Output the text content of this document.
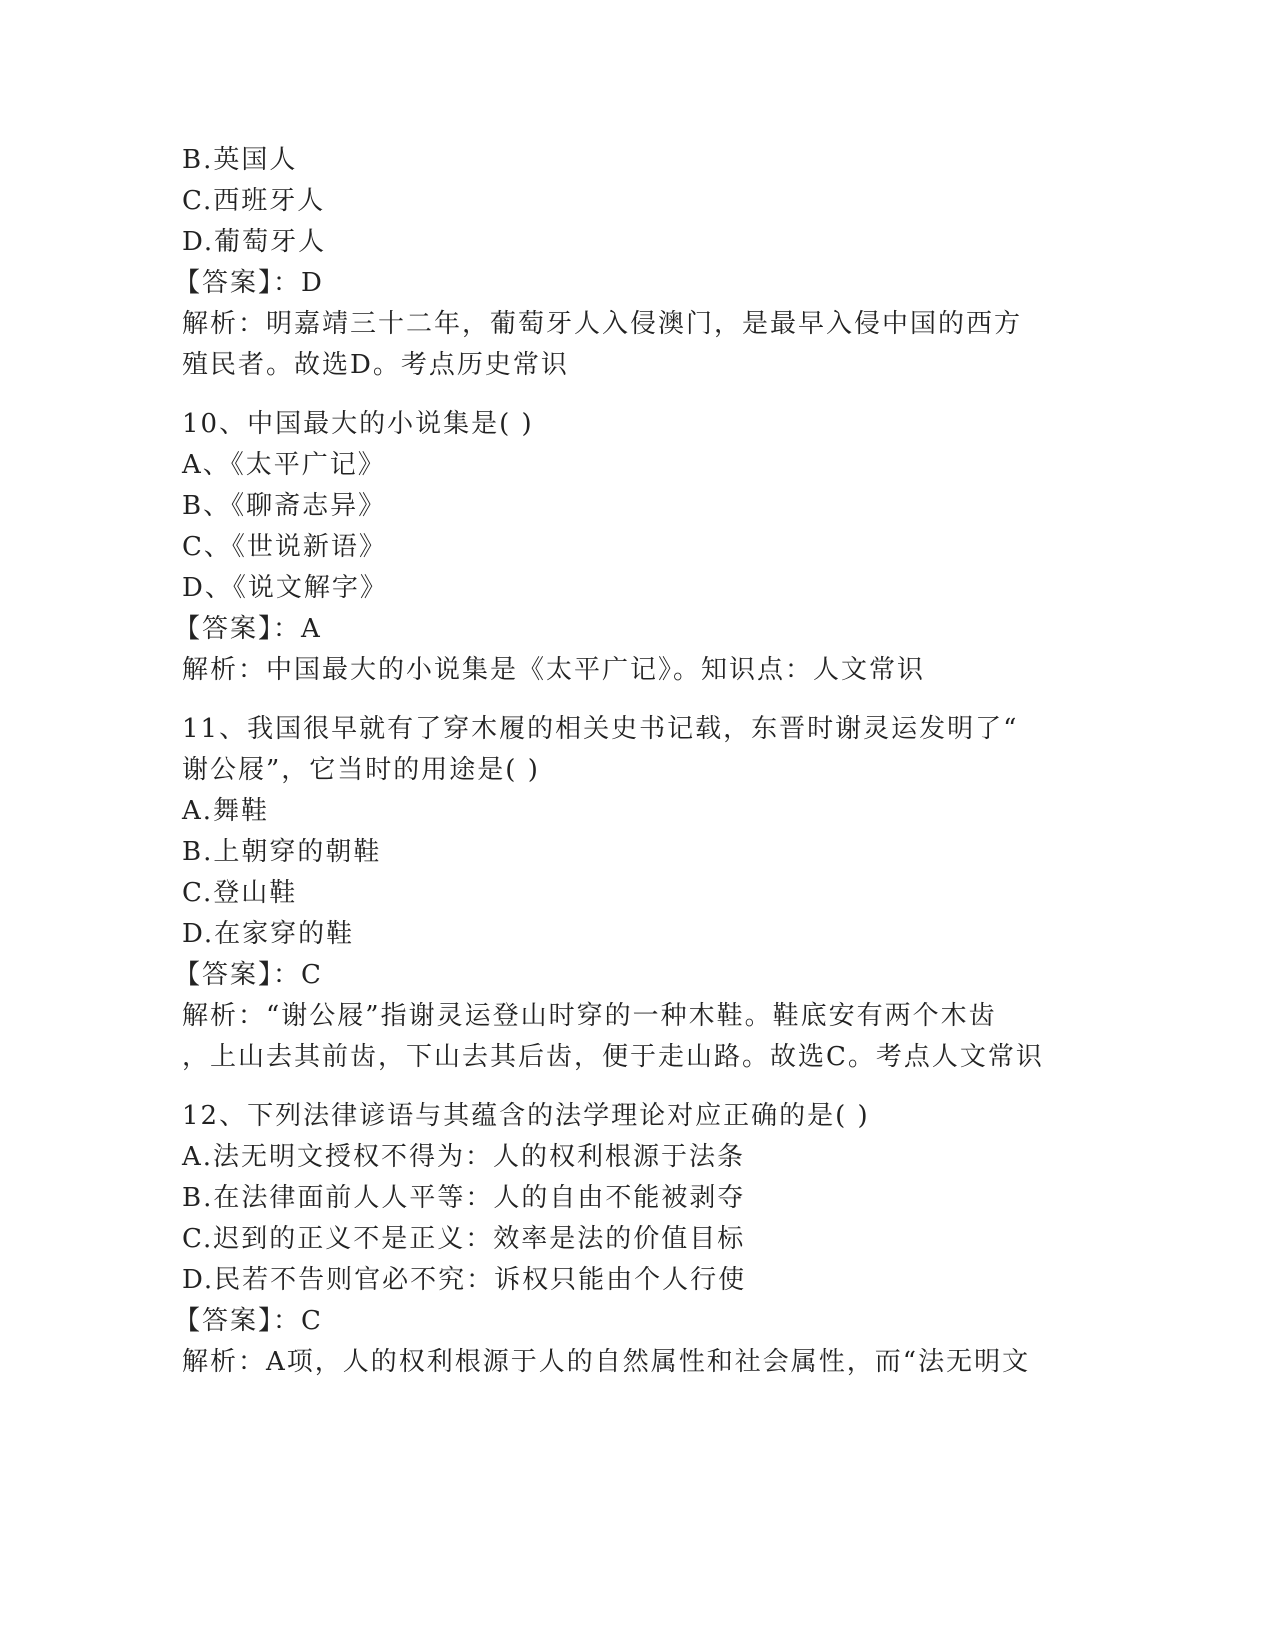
B.英国人
C.西班牙人
D.葡萄牙人
【答案】：D
解析：明嘉靖三十二年，葡萄牙人入侵澳门，是最早入侵中国的西方
殖民者。故选D。考点历史常识
10、中国最大的小说集是( )
A、《太平广记》
B、《聊斋志异》
C、《世说新语》
D、《说文解字》
【答案】：A
解析：中国最大的小说集是《太平广记》。知识点：人文常识
11、我国很早就有了穿木履的相关史书记载，东晋时谢灵运发明了“
谢公屐”，它当时的用途是( )
A.舞鞋
B.上朝穿的朝鞋
C.登山鞋
D.在家穿的鞋
【答案】：C
解析：“谢公屐”指谢灵运登山时穿的一种木鞋。鞋底安有两个木齿
，上山去其前齿，下山去其后齿，便于走山路。故选C。考点人文常识
12、下列法律谚语与其蕴含的法学理论对应正确的是( )
A.法无明文授权不得为：人的权利根源于法条
B.在法律面前人人平等：人的自由不能被剥夺
C.迟到的正义不是正义：效率是法的价值目标
D.民若不告则官必不究：诉权只能由个人行使
【答案】：C
解析：A项，人的权利根源于人的自然属性和社会属性，而“法无明文
